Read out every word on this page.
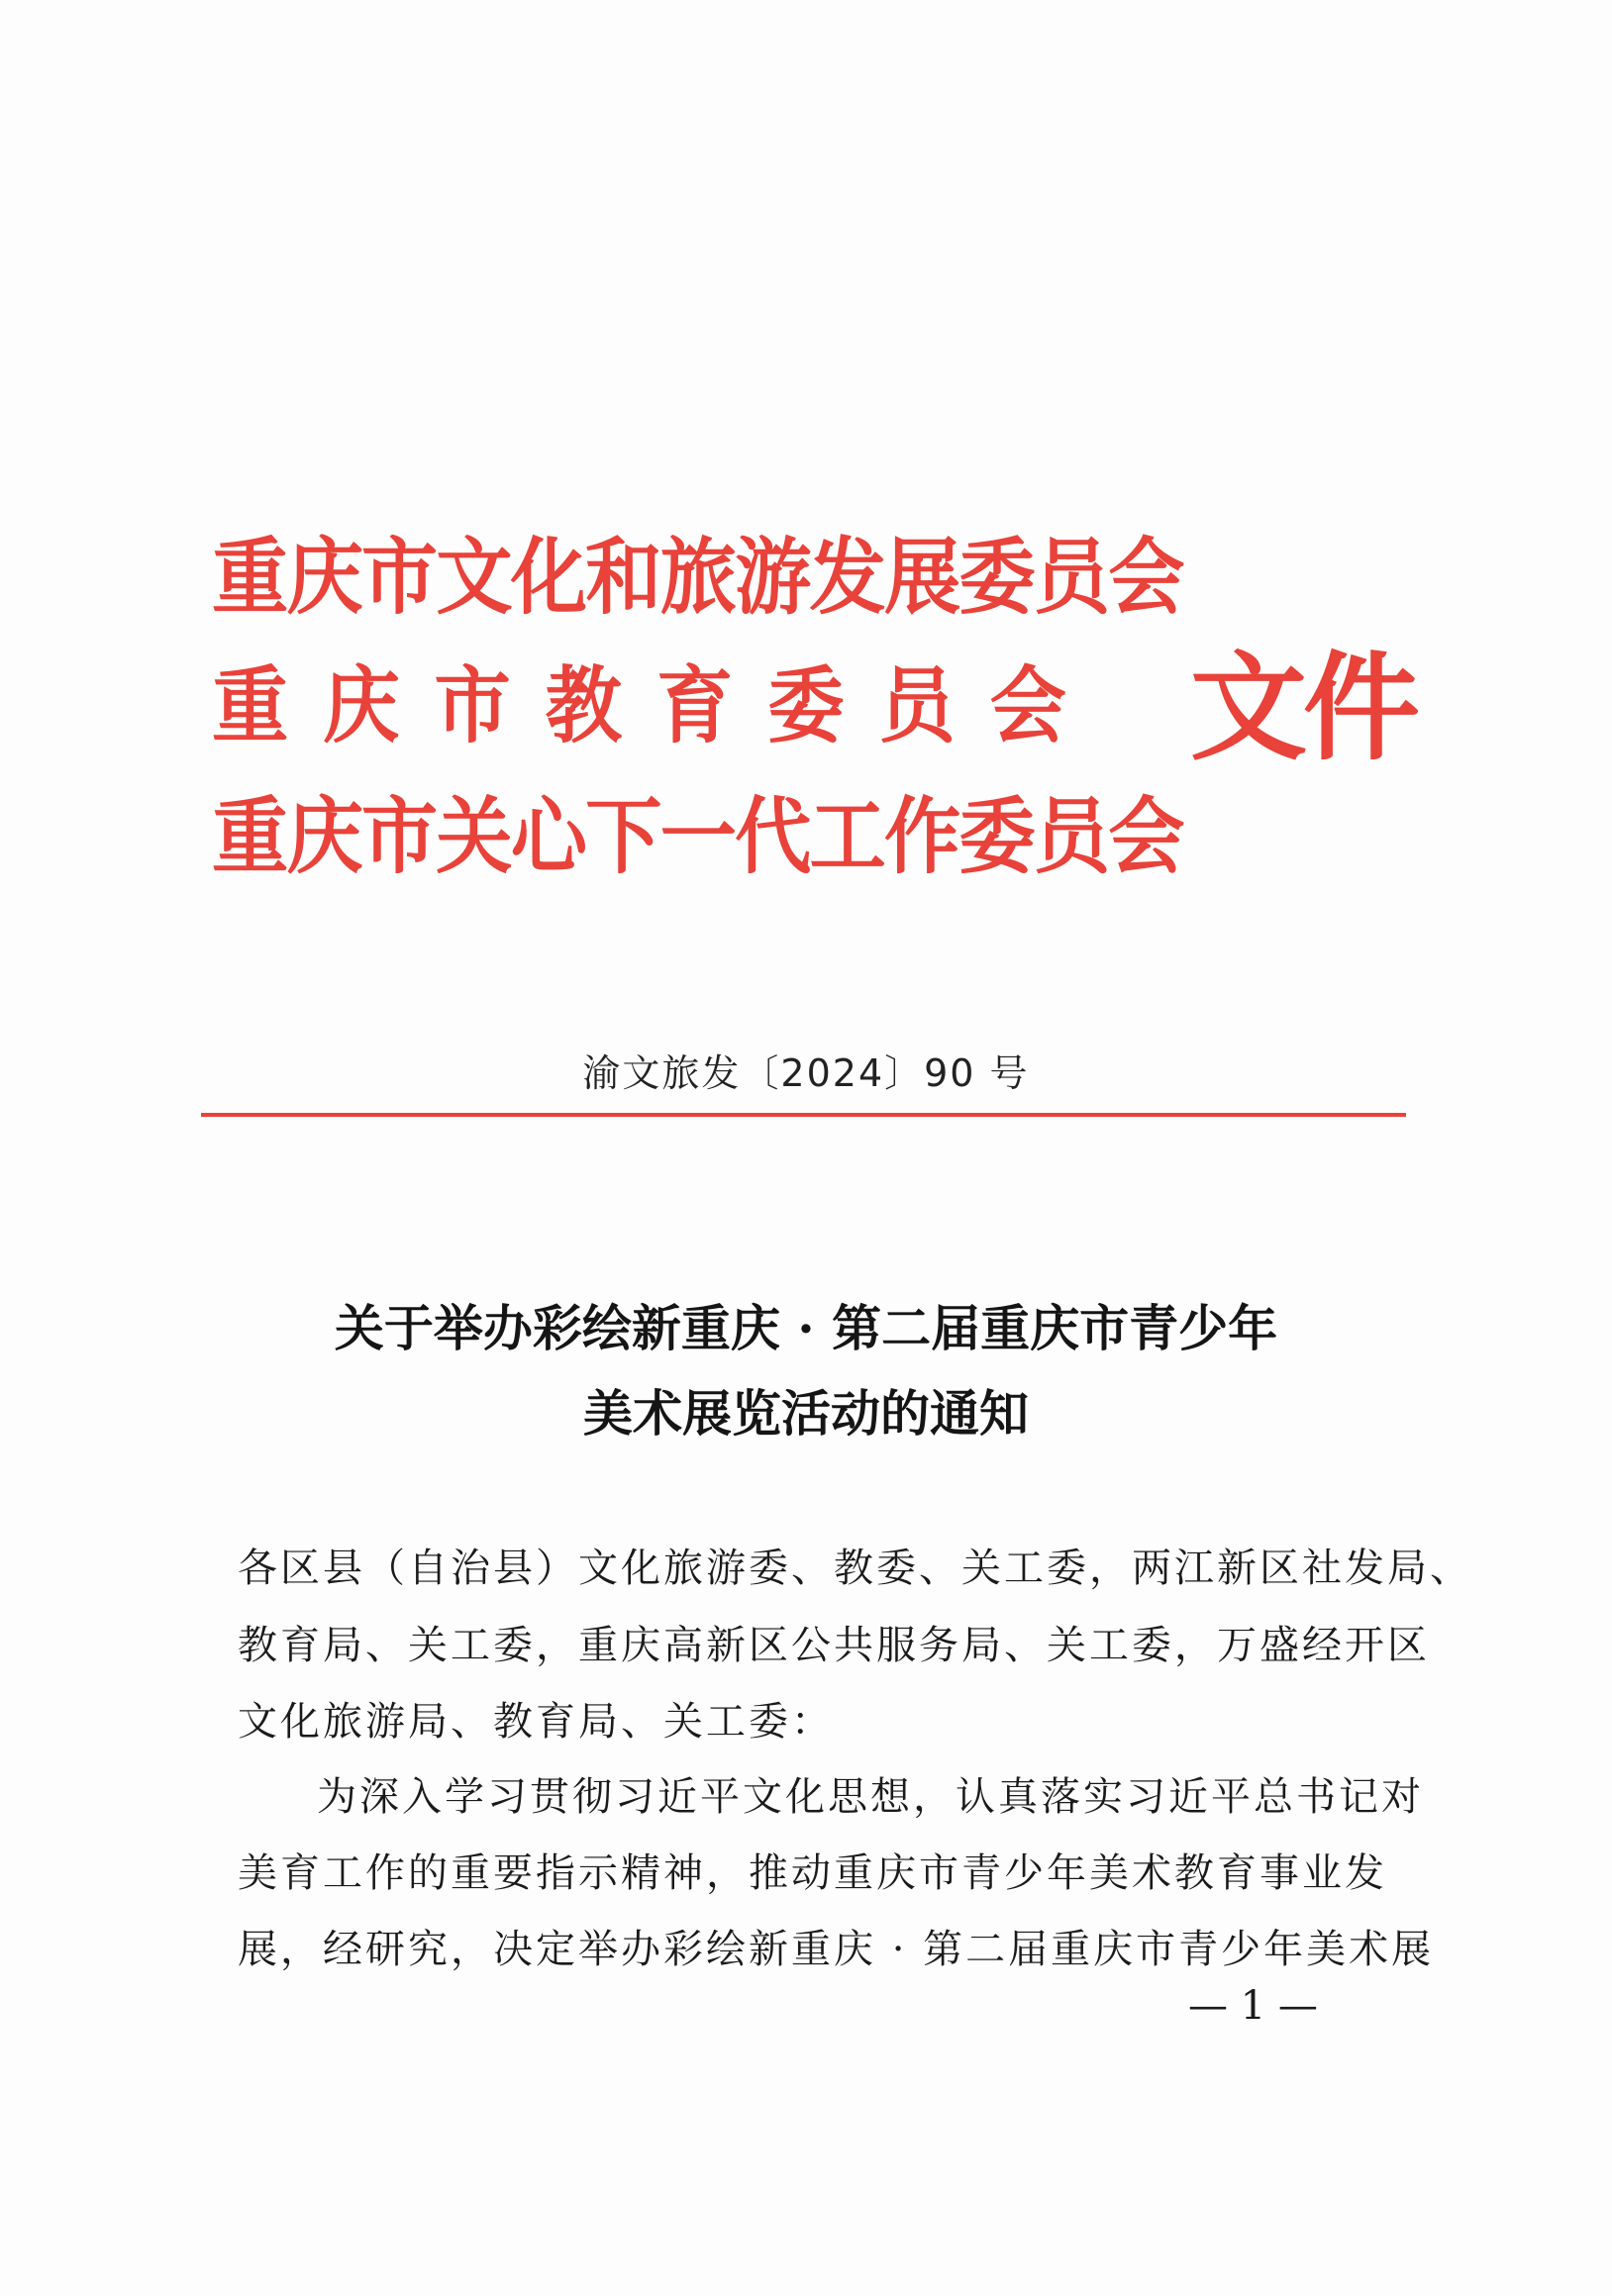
重庆市文化和旅游发展委员会
重庆市教育委员会
重庆市关心下一代工作委员会
文件
渝文旅发〔2024〕90 号
关于举办彩绘新重庆 · 第二届重庆市青少年
美术展览活动的通知
各区县（自治县）文化旅游委、教委、关工委，两江新区社发局、
教育局、关工委，重庆高新区公共服务局、关工委，万盛经开区
文化旅游局、教育局、关工委：
为深入学习贯彻习近平文化思想，认真落实习近平总书记对
美育工作的重要指示精神，推动重庆市青少年美术教育事业发
展，经研究，决定举办彩绘新重庆 · 第二届重庆市青少年美术展
— 1 —
